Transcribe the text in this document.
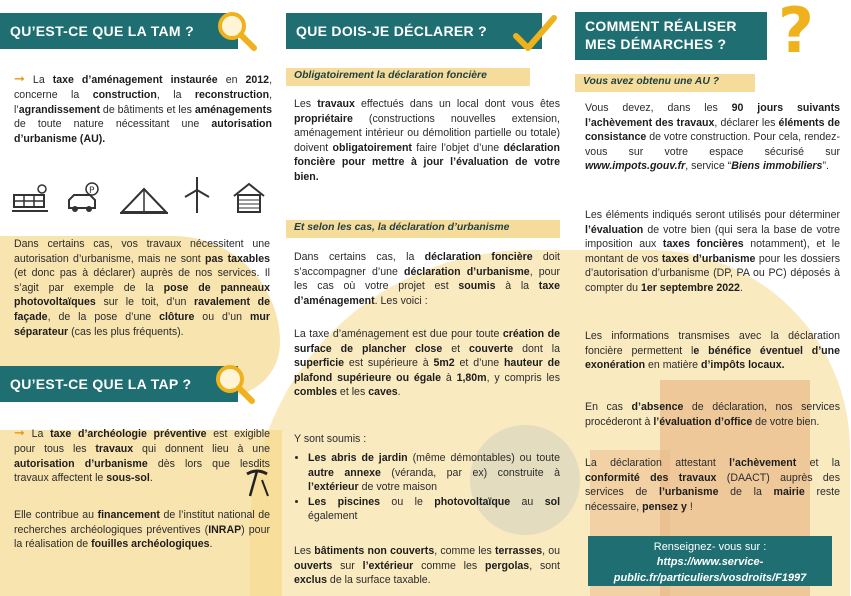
QU’EST-CE QUE LA TAM ?
➞ La taxe d’aménagement instaurée en 2012, concerne la construction, la reconstruction, l’agrandissement de bâtiments et les aménagements de toute nature nécessitant une autorisation d’urbanisme (AU).
P
Dans certains cas, vos travaux nécessitent une autorisation d’urbanisme, mais ne sont pas taxables (et donc pas à déclarer) auprès de nos services. Il s’agit par exemple de la pose de panneaux photovoltaïques sur le toit, d’un ravalement de façade, de la pose d’une clôture ou d’un mur séparateur (cas les plus fréquents).
QU’EST-CE QUE LA TAP ?
➞ La taxe d’archéologie préventive est exigible pour tous les travaux qui donnent lieu à une autorisation d’urbanisme dès lors que lesdits travaux affectent le sous-sol.
Elle contribue au financement de l’institut national de recherches archéologiques préventives (INRAP) pour la réalisation de fouilles archéologiques.
QUE DOIS-JE DÉCLARER ?
Obligatoirement la déclaration foncière
Les travaux effectués dans un local dont vous êtes propriétaire (constructions nouvelles extension, aménagement intérieur ou démolition partielle ou totale) doivent obligatoirement faire l’objet d’une déclaration foncière pour mettre à jour l’évaluation de votre bien.
Et selon les cas, la déclaration d’urbanisme
Dans certains cas, la déclaration foncière doit s’accompagner d’une déclaration d’urbanisme, pour les cas où votre projet est soumis à la taxe d’aménagement. Les voici :
La taxe d’aménagement est due pour toute création de surface de plancher close et couverte dont la superficie est supérieure à 5m2 et d’une hauteur de plafond supérieure ou égale à 1,80m, y compris les combles et les caves.
Y sont soumis :
• Les abris de jardin (même démontables) ou toute autre annexe (véranda, par ex) construite à l’extérieur de votre maison
• Les piscines ou le photovoltaïque au sol également
Les bâtiments non couverts, comme les terrasses, ou ouverts sur l’extérieur comme les pergolas, sont exclus de la surface taxable.
COMMENT RÉALISER
MES DÉMARCHES ? ?
Vous avez obtenu une AU ?
Vous devez, dans les 90 jours suivants l’achèvement des travaux, déclarer les éléments de consistance de votre construction. Pour cela, rendez-vous sur votre espace sécurisé sur www.impots.gouv.fr, service “Biens immobiliers”.
Les éléments indiqués seront utilisés pour déterminer l’évaluation de votre bien (qui sera la base de votre imposition aux taxes foncières notamment), et le montant de vos taxes d’urbanisme pour les dossiers d’autorisation d’urbanisme (DP, PA ou PC) déposés à compter du 1er septembre 2022.
Les informations transmises avec la déclaration foncière permettent le bénéfice éventuel d’une exonération en matière d’impôts locaux.
En cas d’absence de déclaration, nos services procéderont à l’évaluation d’office de votre bien.
La déclaration attestant l’achèvement et la conformité des travaux (DAACT) auprès des services de l’urbanisme de la mairie reste nécessaire, pensez y !
Renseignez- vous sur :
https://www.service-
public.fr/particuliers/vosdroits/F1997
